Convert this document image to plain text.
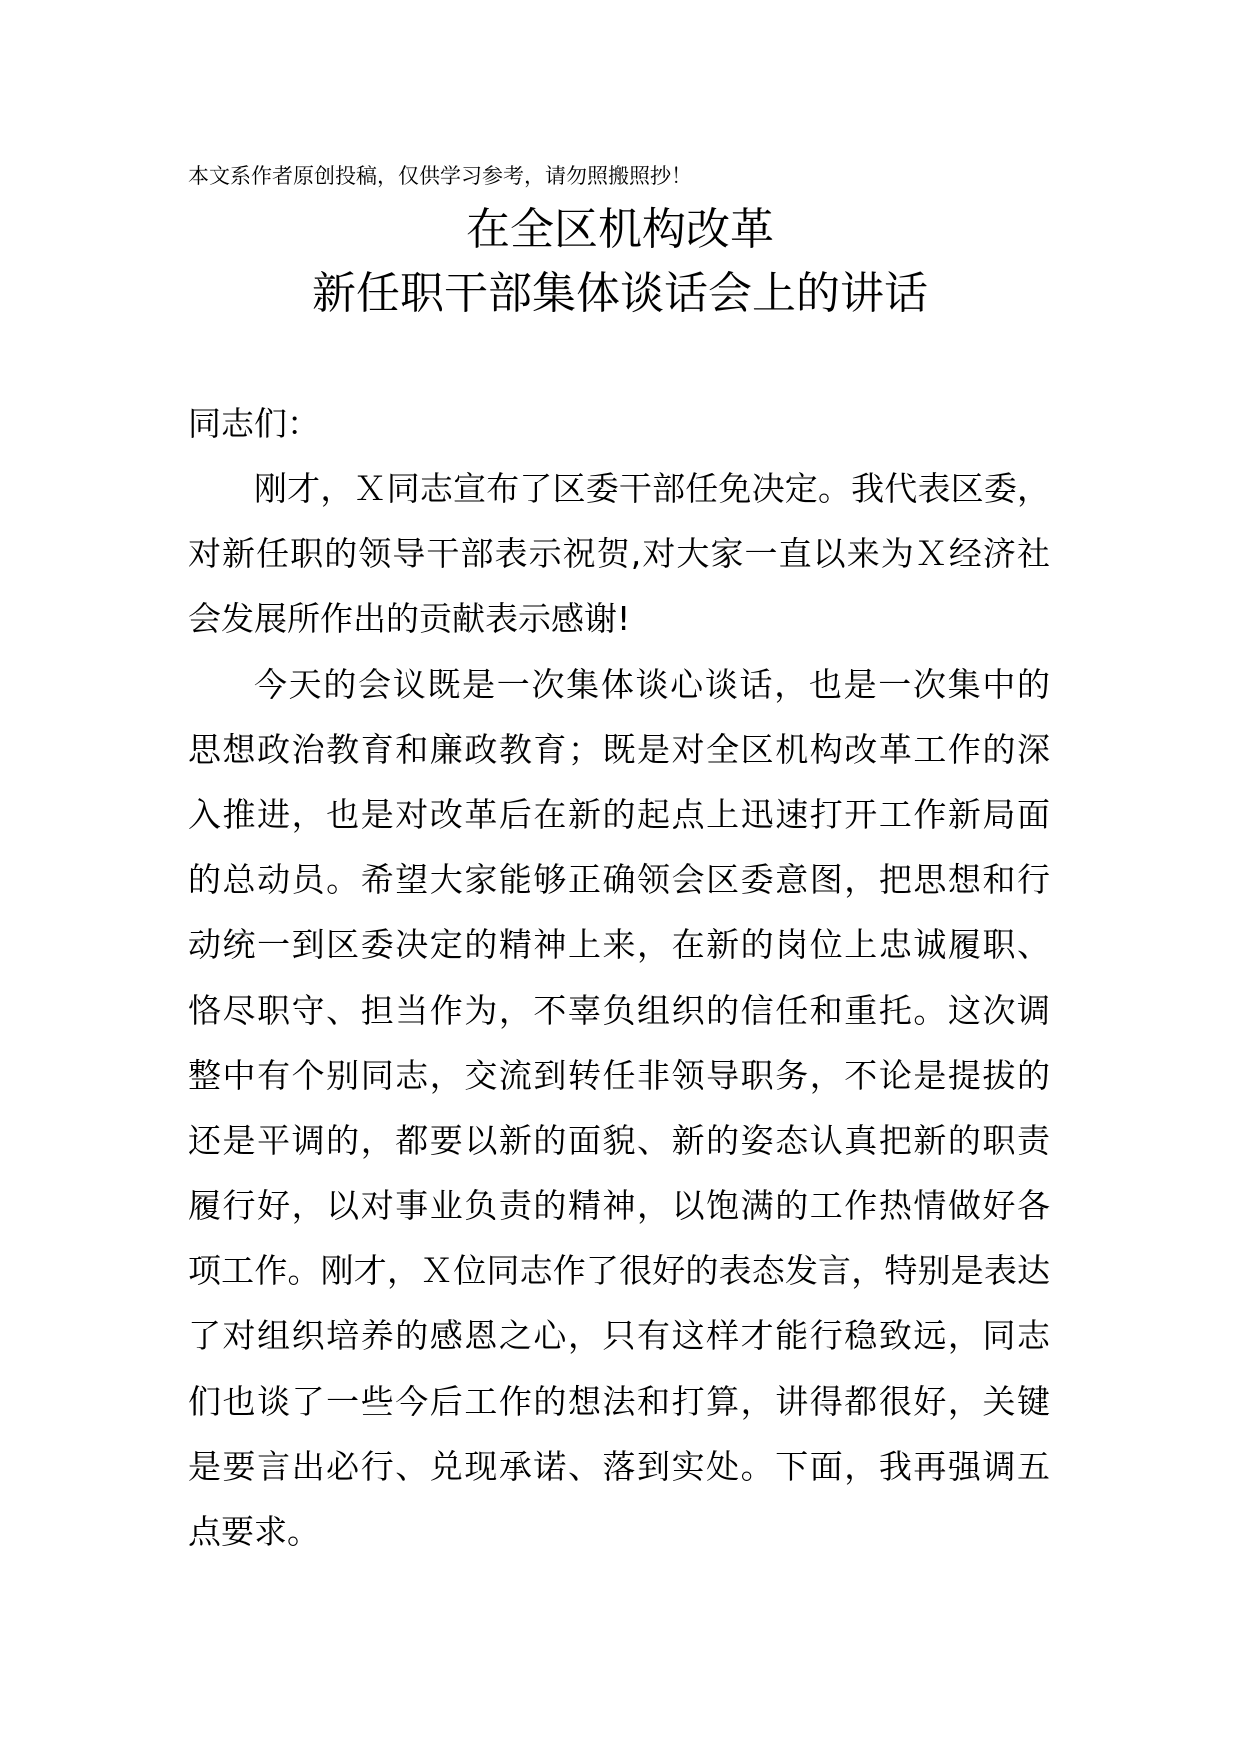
本文系作者原创投稿，仅供学习参考，请勿照搬照抄！
在全区机构改革
新任职干部集体谈话会上的讲话
同志们：
刚才，Ｘ同志宣布了区委干部任免决定。我代表区委，
对新任职的领导干部表示祝贺,对大家一直以来为Ｘ经济社
会发展所作出的贡献表示感谢!
今天的会议既是一次集体谈心谈话，也是一次集中的
思想政治教育和廉政教育；既是对全区机构改革工作的深
入推进，也是对改革后在新的起点上迅速打开工作新局面
的总动员。希望大家能够正确领会区委意图，把思想和行
动统一到区委决定的精神上来，在新的岗位上忠诚履职、
恪尽职守、担当作为，不辜负组织的信任和重托。这次调
整中有个别同志，交流到转任非领导职务，不论是提拔的
还是平调的，都要以新的面貌、新的姿态认真把新的职责
履行好，以对事业负责的精神，以饱满的工作热情做好各
项工作。刚才，Ｘ位同志作了很好的表态发言，特别是表达
了对组织培养的感恩之心，只有这样才能行稳致远，同志
们也谈了一些今后工作的想法和打算，讲得都很好，关键
是要言出必行、兑现承诺、落到实处。下面，我再强调五
点要求。
